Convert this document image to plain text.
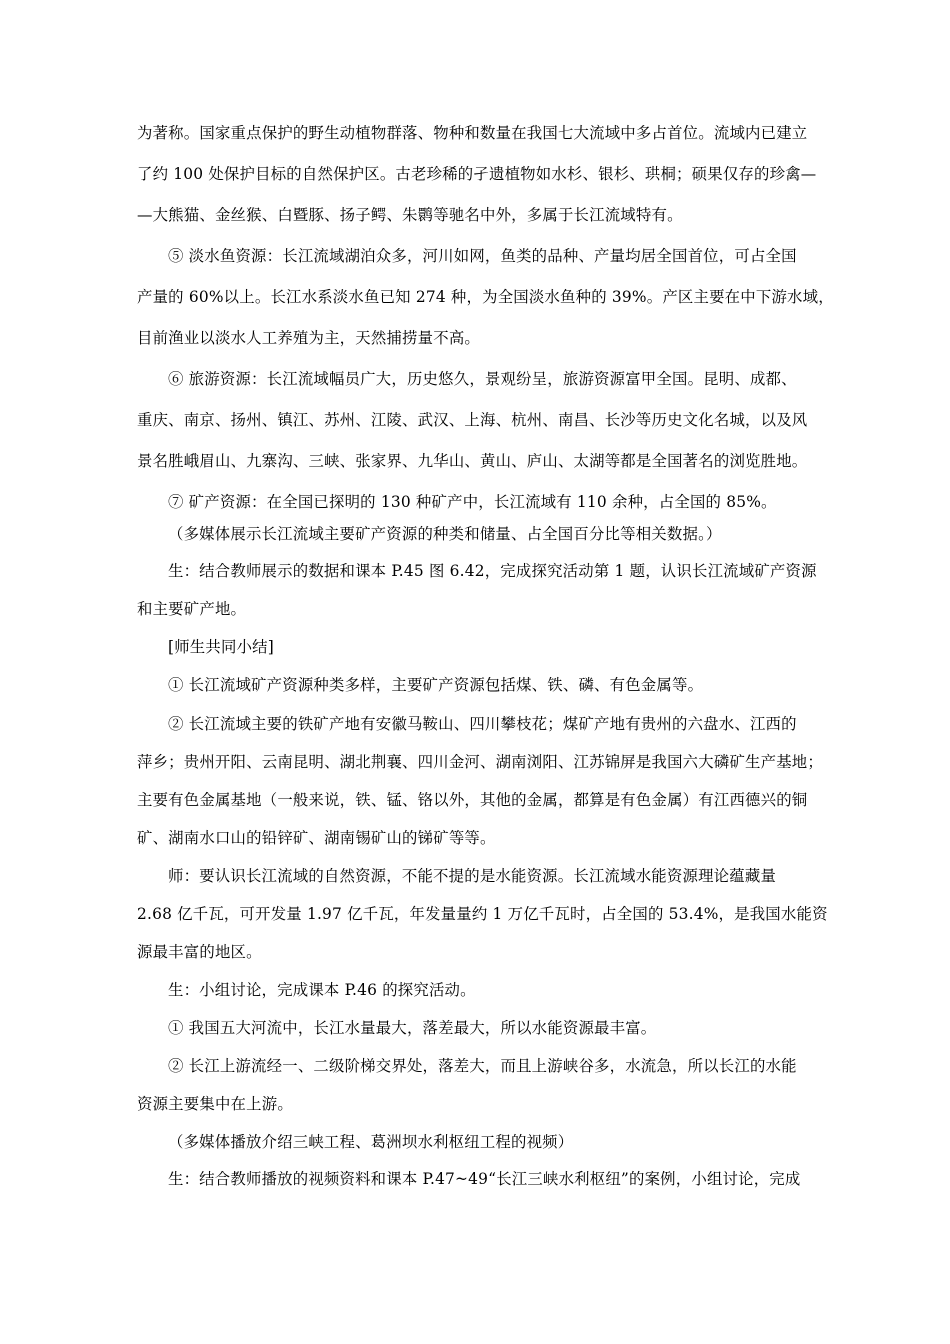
为著称。国家重点保护的野生动植物群落、物种和数量在我国七大流域中多占首位。流域内已建立
了约 100 处保护目标的自然保护区。古老珍稀的孑遗植物如水杉、银杉、珙桐；硕果仅存的珍禽—
—大熊猫、金丝猴、白暨豚、扬子鳄、朱鹮等驰名中外，多属于长江流域特有。
⑤ 淡水鱼资源：长江流域湖泊众多，河川如网，鱼类的品种、产量均居全国首位，可占全国
产量的 60%以上。长江水系淡水鱼已知 274 种，为全国淡水鱼种的 39%。产区主要在中下游水域，
目前渔业以淡水人工养殖为主，天然捕捞量不高。
⑥ 旅游资源：长江流域幅员广大，历史悠久，景观纷呈，旅游资源富甲全国。昆明、成都、
重庆、南京、扬州、镇江、苏州、江陵、武汉、上海、杭州、南昌、长沙等历史文化名城，以及风
景名胜峨眉山、九寨沟、三峡、张家界、九华山、黄山、庐山、太湖等都是全国著名的浏览胜地。
⑦ 矿产资源：在全国已探明的 130 种矿产中，长江流域有 110 余种，占全国的 85%。
（多媒体展示长江流域主要矿产资源的种类和储量、占全国百分比等相关数据。）
生：结合教师展示的数据和课本 P.45 图 6.42，完成探究活动第 1 题，认识长江流域矿产资源
和主要矿产地。
[师生共同小结]
① 长江流域矿产资源种类多样，主要矿产资源包括煤、铁、磷、有色金属等。
② 长江流域主要的铁矿产地有安徽马鞍山、四川攀枝花；煤矿产地有贵州的六盘水、江西的
萍乡；贵州开阳、云南昆明、湖北荆襄、四川金河、湖南浏阳、江苏锦屏是我国六大磷矿生产基地；
主要有色金属基地（一般来说，铁、锰、铬以外，其他的金属，都算是有色金属）有江西德兴的铜
矿、湖南水口山的铅锌矿、湖南锡矿山的锑矿等等。
师：要认识长江流域的自然资源，不能不提的是水能资源。长江流域水能资源理论蕴藏量
2.68 亿千瓦，可开发量 1.97 亿千瓦，年发量量约 1 万亿千瓦时，占全国的 53.4%，是我国水能资
源最丰富的地区。
生：小组讨论，完成课本 P.46 的探究活动。
① 我国五大河流中，长江水量最大，落差最大，所以水能资源最丰富。
② 长江上游流经一、二级阶梯交界处，落差大，而且上游峡谷多，水流急，所以长江的水能
资源主要集中在上游。
（多媒体播放介绍三峡工程、葛洲坝水利枢纽工程的视频）
生：结合教师播放的视频资料和课本 P.47~49“长江三峡水利枢纽”的案例，小组讨论，完成
